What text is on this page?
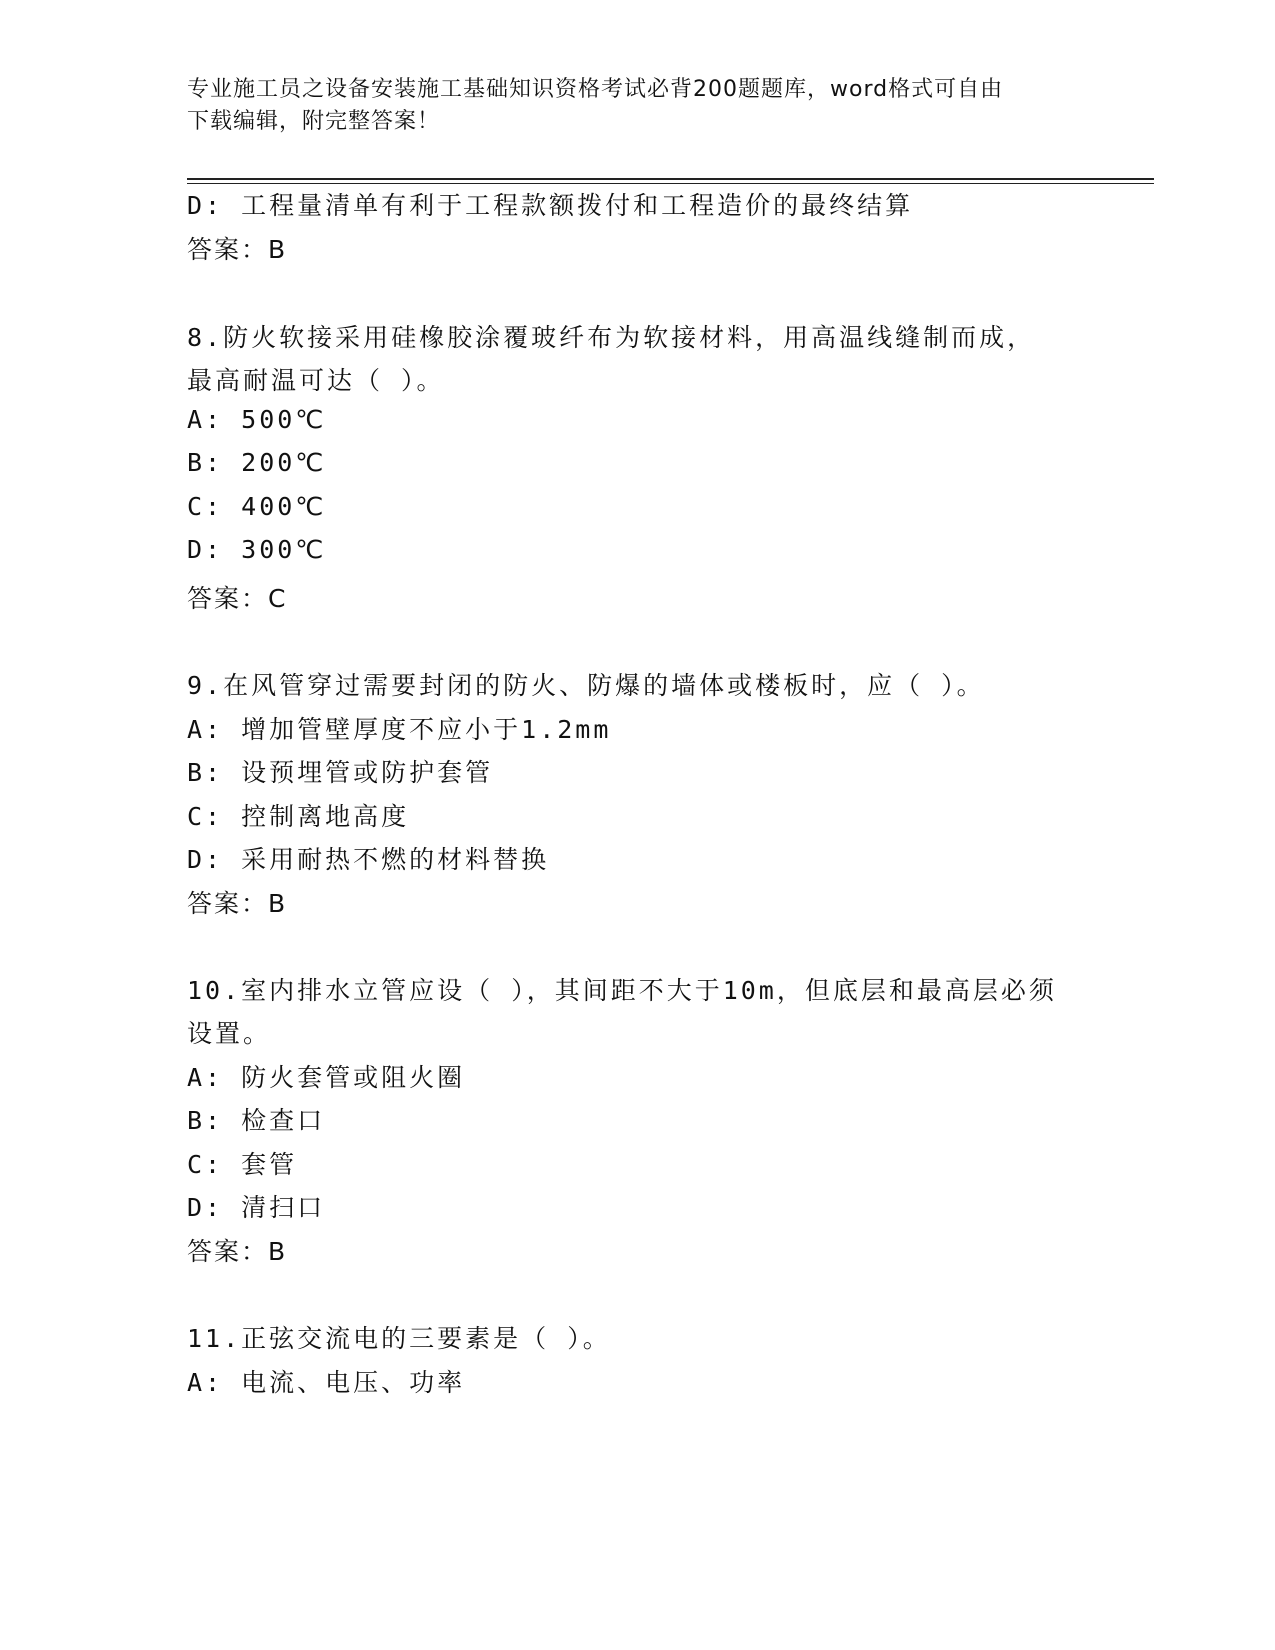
专业施工员之设备安装施工基础知识资格考试必背200题题库，word格式可自由
下载编辑，附完整答案！
D: 工程量清单有利于工程款额拨付和工程造价的最终结算
答案：B
8.防火软接采用硅橡胶涂覆玻纤布为软接材料，用高温线缝制而成，
最高耐温可达（ ）。
A: 500℃
B: 200℃
C: 400℃
D: 300℃
答案：C
9.在风管穿过需要封闭的防火、防爆的墙体或楼板时，应（ ）。
A: 增加管壁厚度不应小于1.2mm
B: 设预埋管或防护套管
C: 控制离地高度
D: 采用耐热不燃的材料替换
答案：B
10.室内排水立管应设（ ），其间距不大于10m，但底层和最高层必须
设置。
A: 防火套管或阻火圈
B: 检查口
C: 套管
D: 清扫口
答案：B
11.正弦交流电的三要素是（ ）。
A: 电流、电压、功率
